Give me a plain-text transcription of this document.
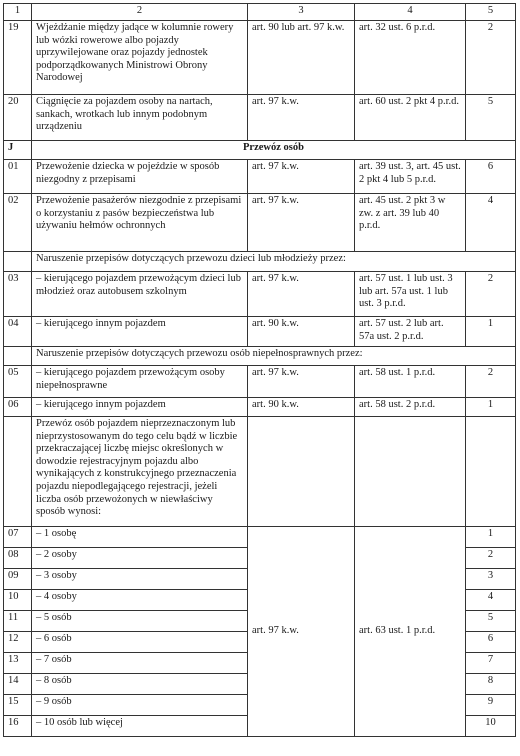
1	2	3	4	5
19	Wjeżdżanie między jadące w kolumnie rowery lub wózki rowerowe albo pojazdy uprzywilejowane oraz pojazdy jednostek podporządkowanych Ministrowi Obrony Narodowej	art. 90 lub art. 97 k.w.	art. 32 ust. 6 p.r.d.	2
20	Ciągnięcie za pojazdem osoby na nartach, sankach, wrotkach lub innym podobnym urządzeniu	art. 97 k.w.	art. 60 ust. 2 pkt 4 p.r.d.	5
J	Przewóz osób			
01	Przewożenie dziecka w pojeździe w sposób niezgodny z przepisami	art. 97 k.w.	art. 39 ust. 3, art. 45 ust. 2 pkt 4 lub 5 p.r.d.	6
02	Przewożenie pasażerów niezgodnie z przepisami o korzystaniu z pasów bezpieczeństwa lub używaniu hełmów ochronnych	art. 97 k.w.	art. 45 ust. 2 pkt 3 w zw. z art. 39 lub 40 p.r.d.	4
	Naruszenie przepisów dotyczących przewozu dzieci lub młodzieży przez:			
03	– kierującego pojazdem przewożącym dzieci lub młodzież oraz autobusem szkolnym	art. 97 k.w.	art. 57 ust. 1 lub ust. 3 lub art. 57a ust. 1 lub ust. 3 p.r.d.	2
04	– kierującego innym pojazdem	art. 90 k.w.	art. 57 ust. 2 lub art. 57a ust. 2 p.r.d.	1
	Naruszenie przepisów dotyczących przewozu osób niepełnosprawnych przez:			
05	– kierującego pojazdem przewożącym osoby niepełnosprawne	art. 97 k.w.	art. 58 ust. 1 p.r.d.	2
06	– kierującego innym pojazdem	art. 90 k.w.	art. 58 ust. 2 p.r.d.	1
	Przewóz osób pojazdem nieprzeznaczonym lub nieprzystosowanym do tego celu bądź w liczbie przekraczającej liczbę miejsc określonych w dowodzie rejestracyjnym pojazdu albo wynikających z konstrukcyjnego przeznaczenia pojazdu niepodlegającego rejestracji, jeżeli liczba osób przewożonych w niewłaściwy sposób wynosi:			
07	– 1 osobę	art. 97 k.w.	art. 63 ust. 1 p.r.d.	1
08	– 2 osoby			2
09	– 3 osoby			3
10	– 4 osoby			4
11	– 5 osób			5
12	– 6 osób			6
13	– 7 osób			7
14	– 8 osób			8
15	– 9 osób			9
16	– 10 osób lub więcej			10
